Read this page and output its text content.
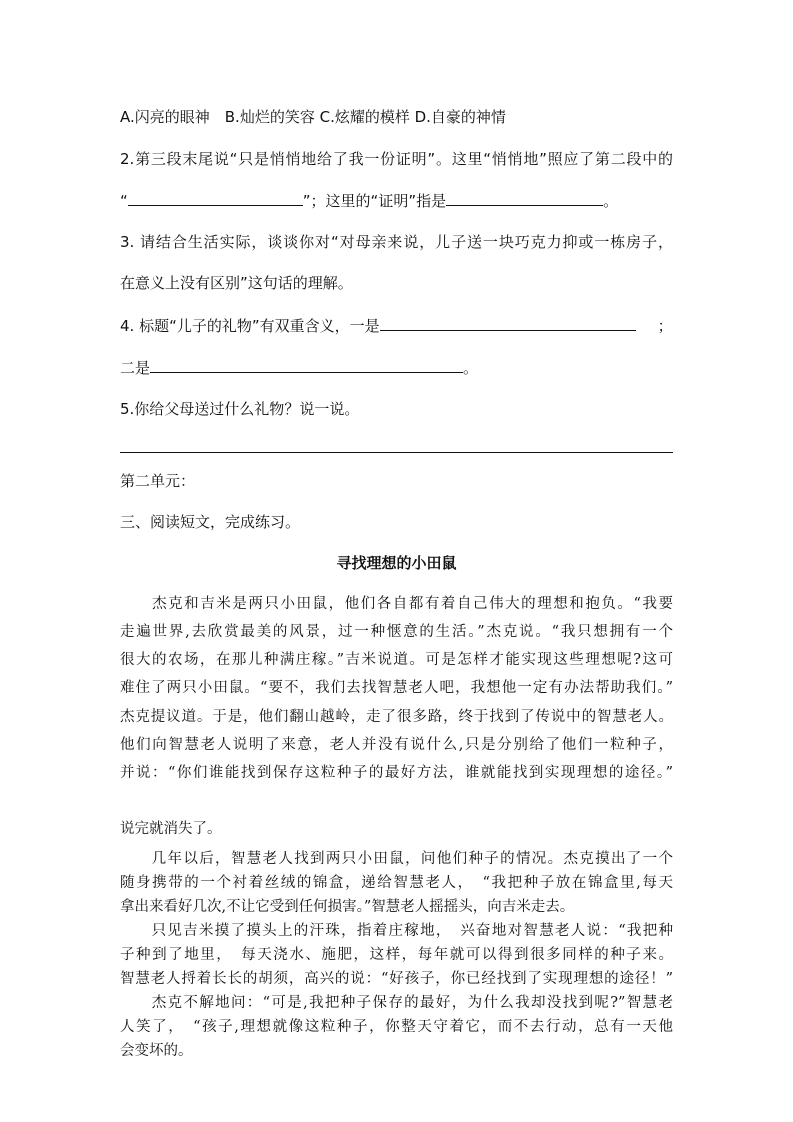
A.闪亮的眼神　B.灿烂的笑容 C.炫耀的模样 D.自豪的神情
2.第三段末尾说“只是悄悄地给了我一份证明”。这里“悄悄地”照应了第二段中的
“	”；这里的“证明”指是	。
3. 请结合生活实际，谈谈你对“对母亲来说，儿子送一块巧克力抑或一栋房子，
在意义上没有区别”这句话的理解。
4. 标题“儿子的礼物”有双重含义，一是	；
二是	。
5.你给父母送过什么礼物？说一说。
第二单元：
三、阅读短文，完成练习。
寻找理想的小田鼠
　　杰克和吉米是两只小田鼠，他们各自都有着自己伟大的理想和抱负。“我要
走遍世界,去欣赏最美的风景，过一种惬意的生活。”杰克说。“我只想拥有一个
很大的农场，在那儿种满庄稼。”吉米说道。可是怎样才能实现这些理想呢?这可
难住了两只小田鼠。“要不，我们去找智慧老人吧，我想他一定有办法帮助我们。”
杰克提议道。于是，他们翻山越岭，走了很多路，终于找到了传说中的智慧老人。
他们向智慧老人说明了来意，老人并没有说什么,只是分别给了他们一粒种子，
并说：“你们谁能找到保存这粒种子的最好方法，谁就能找到实现理想的途径。”
说完就消失了。
　　几年以后，智慧老人找到两只小田鼠，问他们种子的情况。杰克摸出了一个
随身携带的一个衬着丝绒的锦盒，递给智慧老人，　“我把种子放在锦盒里,每天
拿出来看好几次,不让它受到任何损害。”智慧老人摇摇头，向吉米走去。
　　只见吉米摸了摸头上的汗珠，指着庄稼地，　兴奋地对智慧老人说：“我把种
子种到了地里，　每天浇水、施肥，这样，每年就可以得到很多同样的种子来。
智慧老人捋着长长的胡须，高兴的说：“好孩子，你已经找到了实现理想的途径！”
　　杰克不解地问：“可是,我把种子保存的最好，为什么我却没找到呢?”智慧老
人笑了，　“孩子,理想就像这粒种子，你整天守着它，而不去行动，总有一天他
会变坏的。
